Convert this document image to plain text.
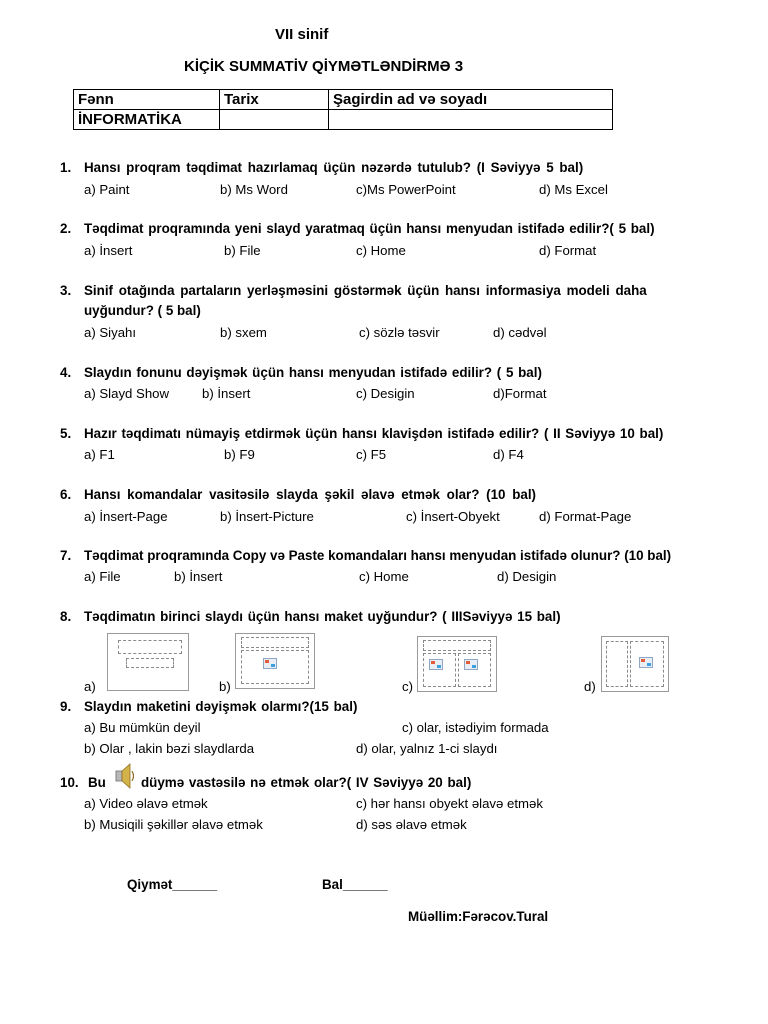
VII sinif
KİÇİK SUMMATİV QİYMƏTLƏNDİRMƏ 3
Fənn	Tarix	Şagirdin ad və soyadı
İNFORMATİKA		
1. Hansı proqram təqdimat hazırlamaq üçün nəzərdə tutulub? (I Səviyyə 5 bal)
a) Paint	b) Ms Word	c)Ms PowerPoint	d) Ms Excel
2. Təqdimat proqramında yeni slayd yaratmaq üçün hansı menyudan istifadə edilir?( 5 bal)
a) İnsert	b) File	c) Home	d) Format
3. Sinif otağında partaların yerləşməsini göstərmək üçün hansı informasiya modeli daha
uyğundur? ( 5 bal)
a) Siyahı	b) sxem	c) sözlə təsvir	d) cədvəl
4. Slaydın fonunu dəyişmək üçün hansı menyudan istifadə edilir? ( 5 bal)
a) Slayd Show b) İnsert	c) Desigin	d)Format
5. Hazır təqdimatı nümayiş etdirmək üçün hansı klavişdən istifadə edilir? ( II Səviyyə 10 bal)
a) F1	b) F9	c) F5	d) F4
6. Hansı komandalar vasitəsilə slayda şəkil əlavə etmək olar? (10 bal)
a) İnsert-Page	b) İnsert-Picture	c) İnsert-Obyekt	d) Format-Page
7. Təqdimat proqramında Copy və Paste komandaları hansı menyudan istifadə olunur? (10 bal)
a) File	b) İnsert	c) Home	d) Desigin
8. Təqdimatın birinci slaydı üçün hansı maket uyğundur? ( IIISəviyyə 15 bal)
a)	b)	c)	d)
9. Slaydın maketini dəyişmək olarmı?(15 bal)
a) Bu mümkün deyil	c) olar, istədiyim formada
b) Olar , lakin bəzi slaydlarda	d) olar, yalnız 1-ci slaydı
10. Bu	düymə vastəsilə nə etmək olar?( IV Səviyyə 20 bal)
a) Video əlavə etmək	c) hər hansı obyekt əlavə etmək
b) Musiqili şəkillər əlavə etmək	d) səs əlavə etmək
Qiymət______	Bal______
Müəllim:Fərəcov.Tural
